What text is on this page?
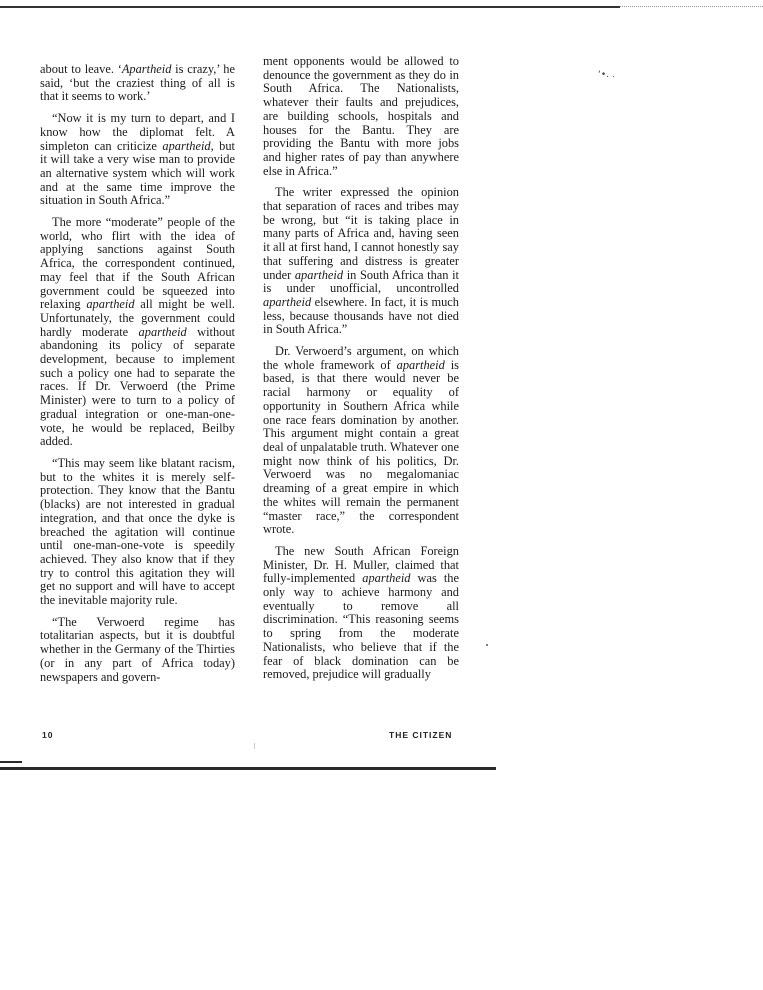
‘•. .

about to leave. ‘Apartheid is crazy,’ he said, ‘but the craziest thing of all is that it seems to work.’

“Now it is my turn to depart, and I know how the diplomat felt. A simpleton can criticize apartheid, but it will take a very wise man to provide an alternative system which will work and at the same time improve the situation in South Africa.”

The more “moderate” people of the world, who flirt with the idea of applying sanctions against South Africa, the correspondent continued, may feel that if the South African government could be squeezed into relaxing apartheid all might be well. Unfortunately, the government could hardly moderate apartheid without abandoning its policy of separate development, because to implement such a policy one had to separate the races. If Dr. Verwoerd (the Prime Minister) were to turn to a policy of gradual integration or one-man-one-vote, he would be replaced, Beilby added.

“This may seem like blatant racism, but to the whites it is merely self-protection. They know that the Bantu (blacks) are not interested in gradual integration, and that once the dyke is breached the agitation will continue until one-man-one-vote is speedily achieved. They also know that if they try to control this agitation they will get no support and will have to accept the inevitable majority rule.

“The Verwoerd regime has totalitarian aspects, but it is doubtful whether in the Germany of the Thirties (or in any part of Africa today) newspapers and govern-

ment opponents would be allowed to denounce the government as they do in South Africa. The Nationalists, whatever their faults and prejudices, are building schools, hospitals and houses for the Bantu. They are providing the Bantu with more jobs and higher rates of pay than anywhere else in Africa.”

The writer expressed the opinion that separation of races and tribes may be wrong, but “it is taking place in many parts of Africa and, having seen it all at first hand, I cannot honestly say that suffering and distress is greater under apartheid in South Africa than it is under unofficial, uncontrolled apartheid elsewhere. In fact, it is much less, because thousands have not died in South Africa.”

Dr. Verwoerd’s argument, on which the whole framework of apartheid is based, is that there would never be racial harmony or equality of opportunity in Southern Africa while one race fears domination by another. This argument might contain a great deal of unpalatable truth. Whatever one might now think of his politics, Dr. Verwoerd was no megalomaniac dreaming of a great empire in which the whites will remain the permanent “master race,” the correspondent wrote.

The new South African Foreign Minister, Dr. H. Muller, claimed that fully-implemented apartheid was the only way to achieve harmony and eventually to remove all discrimination. “This reasoning seems to spring from the moderate Nationalists, who believe that if the fear of black domination can be removed, prejudice will gradually

10	THE CITIZEN
